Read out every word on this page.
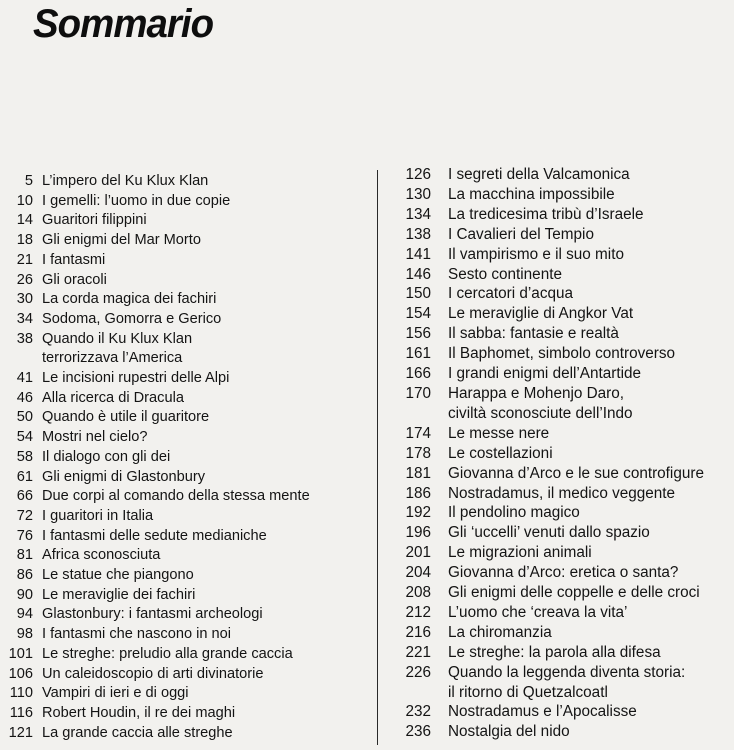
Sommario
5 L’impero del Ku Klux Klan
10 I gemelli: l’uomo in due copie
14 Guaritori filippini
18 Gli enigmi del Mar Morto
21 I fantasmi
26 Gli oracoli
30 La corda magica dei fachiri
34 Sodoma, Gomorra e Gerico
38 Quando il Ku Klux Klan
terrorizzava l’America
41 Le incisioni rupestri delle Alpi
46 Alla ricerca di Dracula
50 Quando è utile il guaritore
54 Mostri nel cielo?
58 Il dialogo con gli dei
61 Gli enigmi di Glastonbury
66 Due corpi al comando della stessa mente
72 I guaritori in Italia
76 I fantasmi delle sedute medianiche
81 Africa sconosciuta
86 Le statue che piangono
90 Le meraviglie dei fachiri
94 Glastonbury: i fantasmi archeologi
98 I fantasmi che nascono in noi
101 Le streghe: preludio alla grande caccia
106 Un caleidoscopio di arti divinatorie
110 Vampiri di ieri e di oggi
116 Robert Houdin, il re dei maghi
121 La grande caccia alle streghe
126 I segreti della Valcamonica
130 La macchina impossibile
134 La tredicesima tribù d’Israele
138 I Cavalieri del Tempio
141 Il vampirismo e il suo mito
146 Sesto continente
150 I cercatori d’acqua
154 Le meraviglie di Angkor Vat
156 Il sabba: fantasie e realtà
161 Il Baphomet, simbolo controverso
166 I grandi enigmi dell’Antartide
170 Harappa e Mohenjo Daro,
civiltà sconosciute dell’Indo
174 Le messe nere
178 Le costellazioni
181 Giovanna d’Arco e le sue controfigure
186 Nostradamus, il medico veggente
192 Il pendolino magico
196 Gli ‘uccelli’ venuti dallo spazio
201 Le migrazioni animali
204 Giovanna d’Arco: eretica o santa?
208 Gli enigmi delle coppelle e delle croci
212 L’uomo che ‘creava la vita’
216 La chiromanzia
221 Le streghe: la parola alla difesa
226 Quando la leggenda diventa storia:
il ritorno di Quetzalcoatl
232 Nostradamus e l’Apocalisse
236 Nostalgia del nido
